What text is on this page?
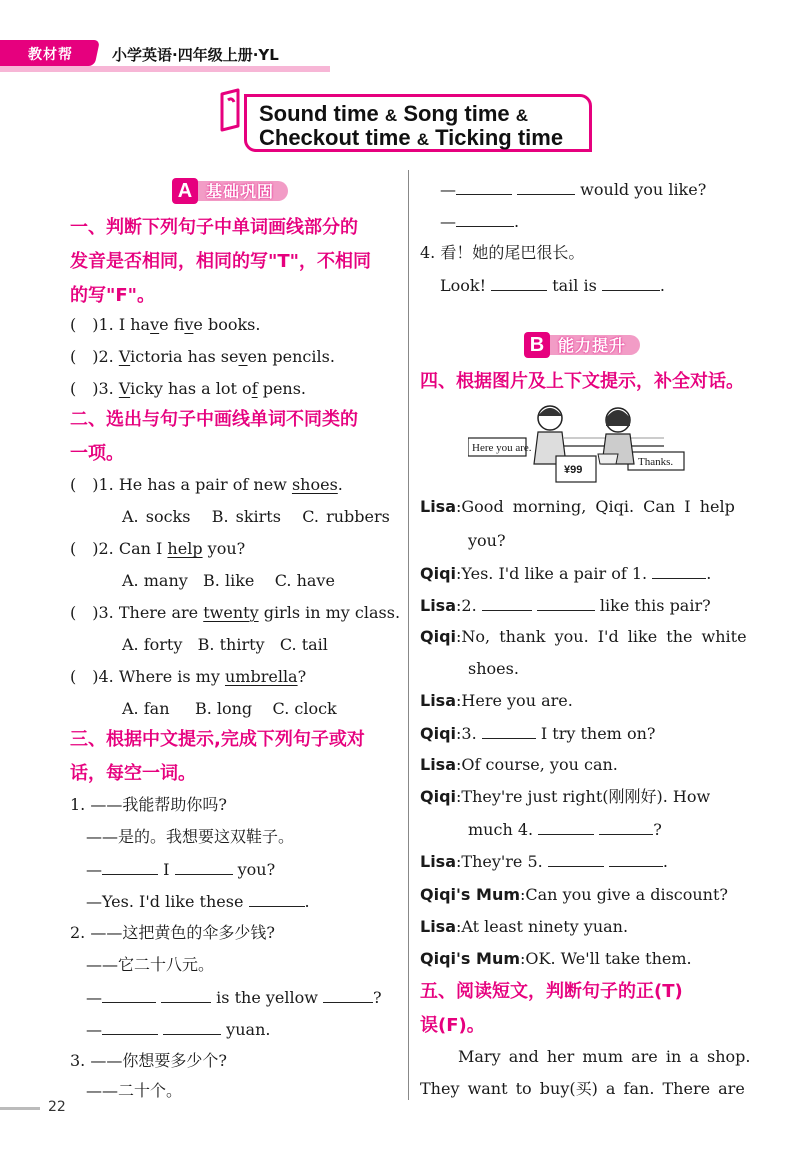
教材帮	小学英语·四年级上册·YL
Sound time & Song time &
Checkout time & Ticking time
A 基础巩固
一、判断下列句子中单词画线部分的
发音是否相同，相同的写"T"，不相同
的写"F"。
(　)1. I have five books.
(　)2. Victoria has seven pencils.
(　)3. Vicky has a lot of pens.
二、选出与句子中画线单词不同类的
一项。
(　)1. He has a pair of new shoes.
A. socks B. skirts C. rubbers
(　)2. Can I help you?
A. many B. like C. have
(　)3. There are twenty girls in my class.
A. forty B. thirty C. tail
(　)4. Where is my umbrella?
A. fan B. long C. clock
三、根据中文提示,完成下列句子或对
话，每空一词。
1. ——我能帮助你吗?
——是的。我想要这双鞋子。
—	I	you?
—Yes. I'd like these	.
2. ——这把黄色的伞多少钱?
——它二十八元。
—	is the yellow	?
—	yuan.
3. ——你想要多少个?
——二十个。
—	would you like?
—	.
4. 看！她的尾巴很长。
Look!	tail is	.
B 能力提升
四、根据图片及上下文提示，补全对话。
Here you are.
Thanks.
¥99
Lisa:Good morning, Qiqi. Can I help
you?
Qiqi:Yes. I'd like a pair of 1.	.
Lisa:2.	like this pair?
Qiqi:No, thank you. I'd like the white
shoes.
Lisa:Here you are.
Qiqi:3.	I try them on?
Lisa:Of course, you can.
Qiqi:They're just right(刚刚好). How
much 4.	?
Lisa:They're 5.	.
Qiqi's Mum:Can you give a discount?
Lisa:At least ninety yuan.
Qiqi's Mum:OK. We'll take them.
五、阅读短文，判断句子的正(T)
误(F)。
Mary and her mum are in a shop.
They want to buy(买) a fan. There are
22
